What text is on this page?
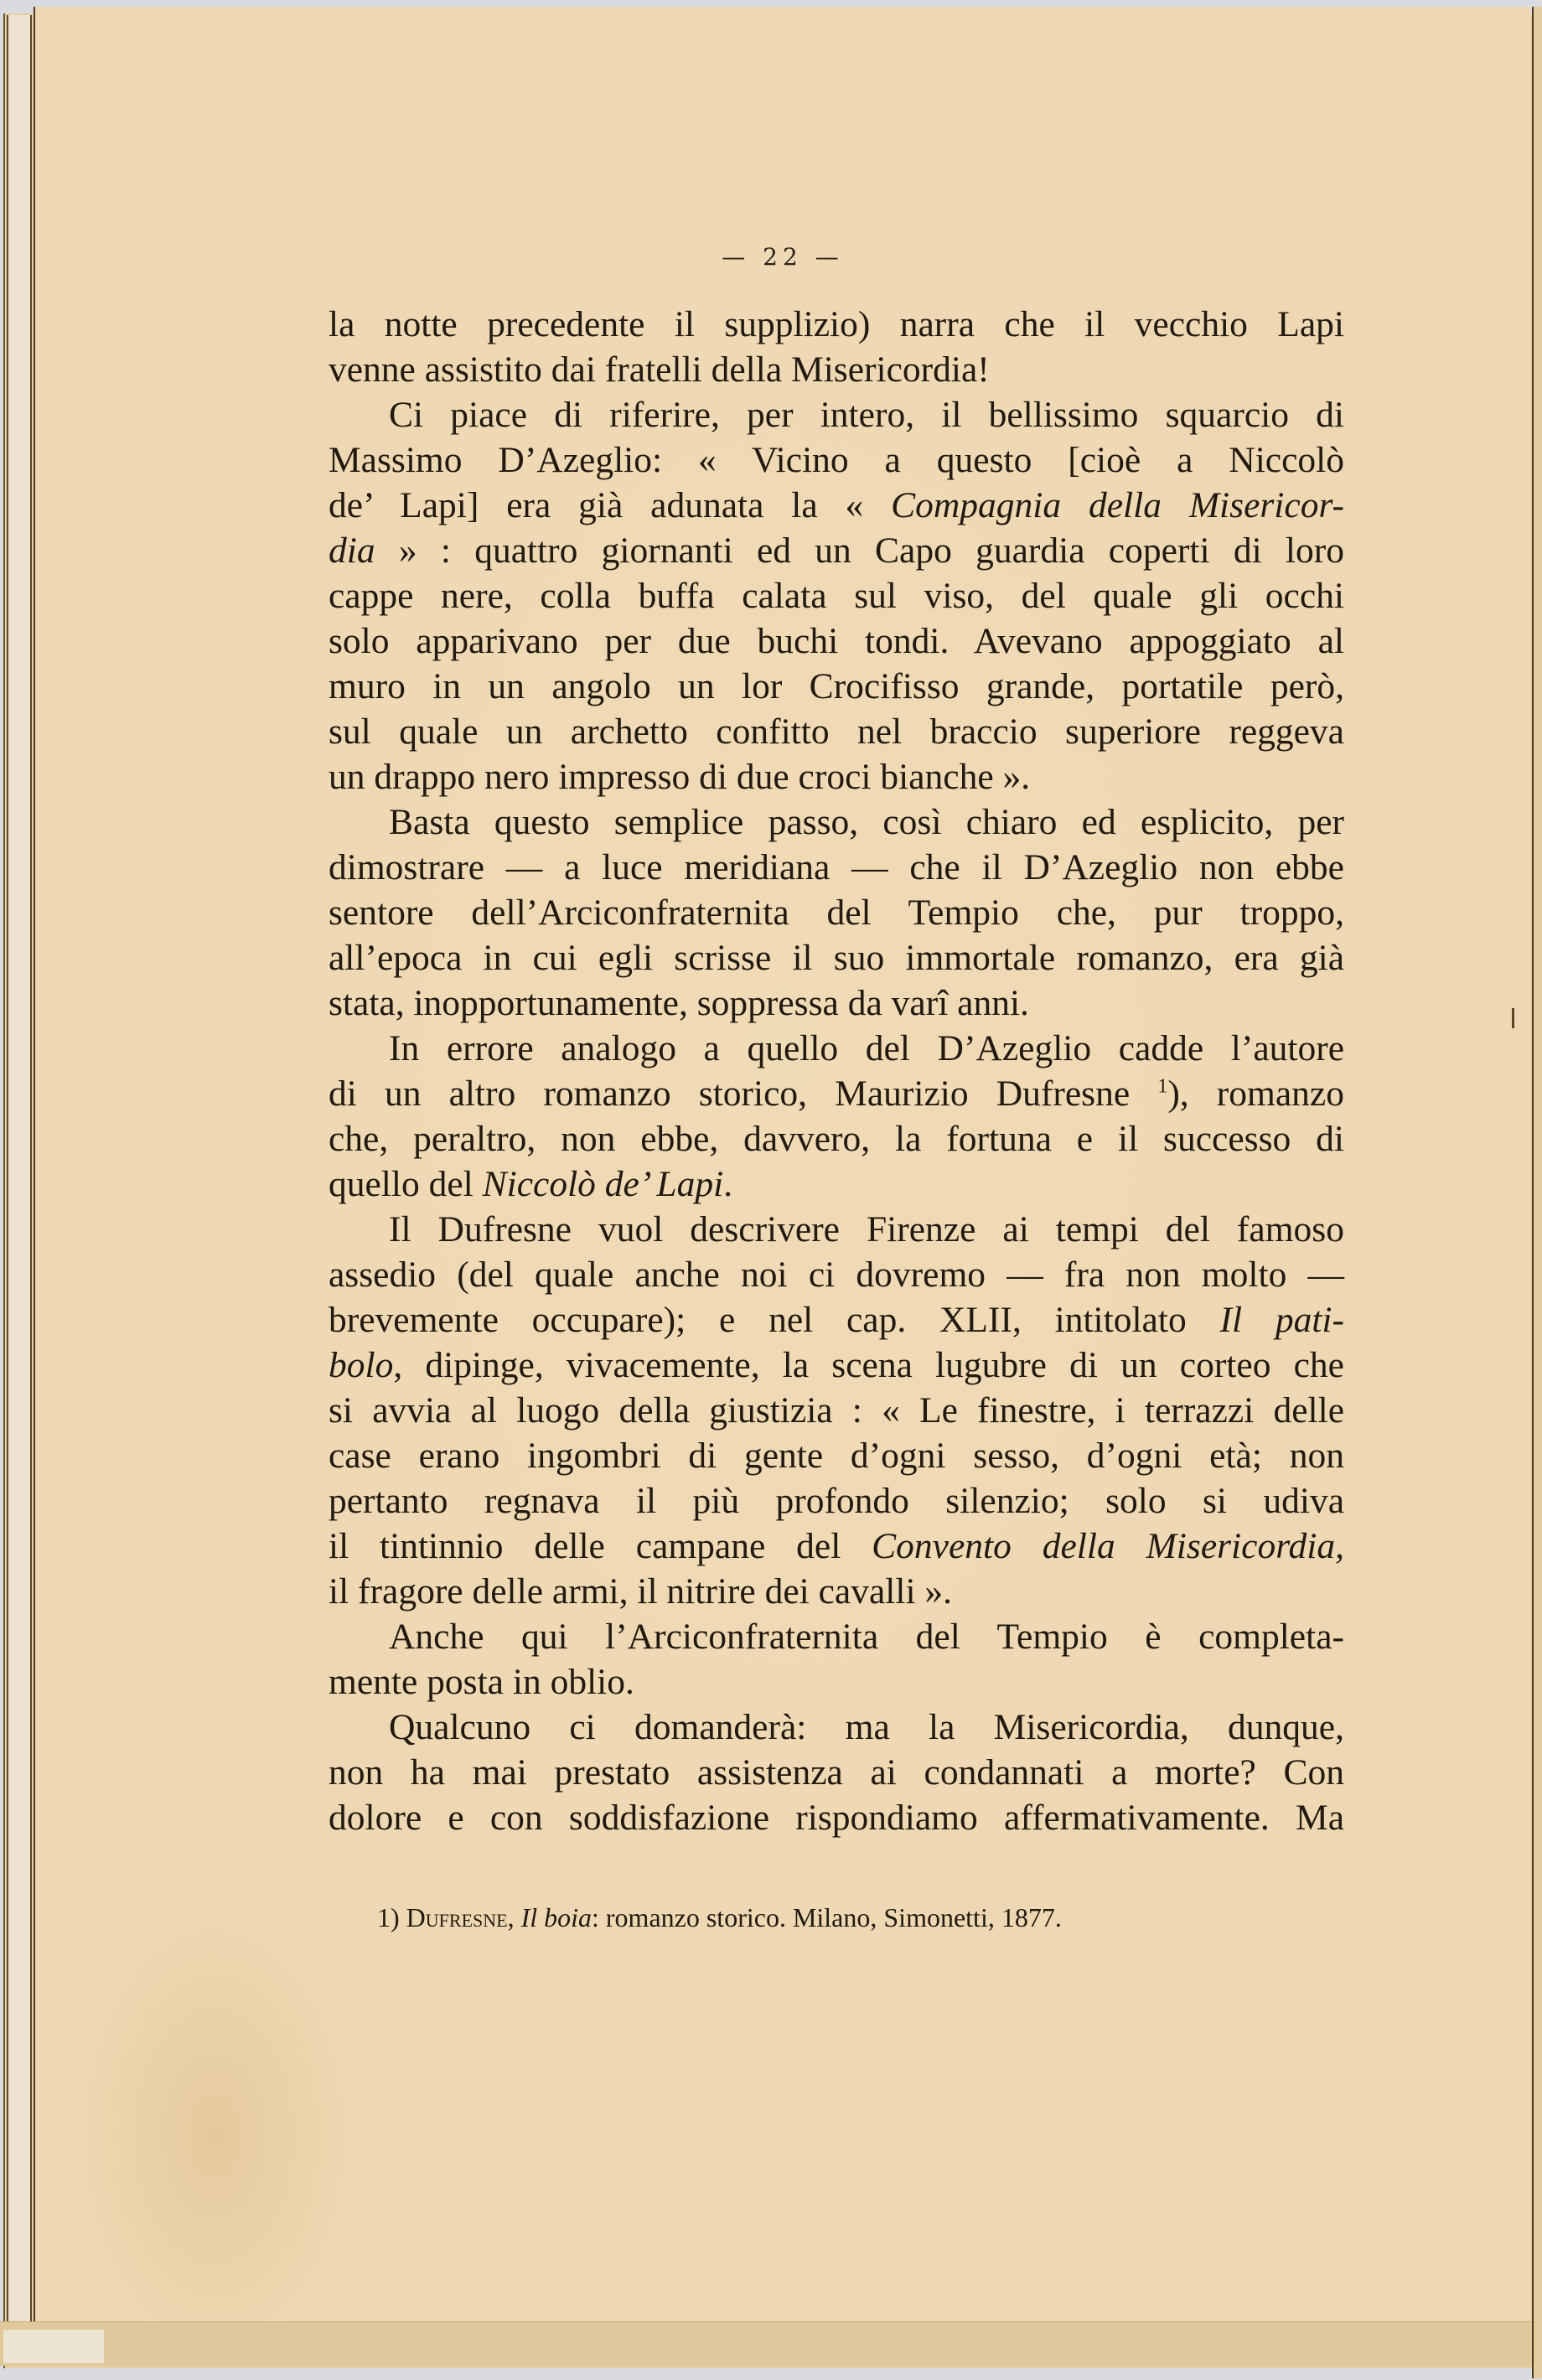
— 22 —
la notte precedente il supplizio) narra che il vecchio Lapi
venne assistito dai fratelli della Misericordia!
Ci piace di riferire, per intero, il bellissimo squarcio di
Massimo D’Azeglio: « Vicino a questo [cioè a Niccolò
de’ Lapi] era già adunata la « Compagnia della Misericor-
dia » : quattro giornanti ed un Capo guardia coperti di loro
cappe nere, colla buffa calata sul viso, del quale gli occhi
solo apparivano per due buchi tondi. Avevano appoggiato al
muro in un angolo un lor Crocifisso grande, portatile però,
sul quale un archetto confitto nel braccio superiore reggeva
un drappo nero impresso di due croci bianche ».
Basta questo semplice passo, così chiaro ed esplicito, per
dimostrare — a luce meridiana — che il D’Azeglio non ebbe
sentore dell’Arciconfraternita del Tempio che, pur troppo,
all’epoca in cui egli scrisse il suo immortale romanzo, era già
stata, inopportunamente, soppressa da varî anni.
In errore analogo a quello del D’Azeglio cadde l’autore
di un altro romanzo storico, Maurizio Dufresne $^1$), romanzo
che, peraltro, non ebbe, davvero, la fortuna e il successo di
quello del Niccolò de’ Lapi.
Il Dufresne vuol descrivere Firenze ai tempi del famoso
assedio (del quale anche noi ci dovremo — fra non molto —
brevemente occupare); e nel cap. XLII, intitolato Il pati-
bolo, dipinge, vivacemente, la scena lugubre di un corteo che
si avvia al luogo della giustizia : « Le finestre, i terrazzi delle
case erano ingombri di gente d’ogni sesso, d’ogni età; non
pertanto regnava il più profondo silenzio; solo si udiva
il tintinnio delle campane del Convento della Misericordia,
il fragore delle armi, il nitrire dei cavalli ».
Anche qui l’Arciconfraternita del Tempio è completa-
mente posta in oblio.
Qualcuno ci domanderà: ma la Misericordia, dunque,
non ha mai prestato assistenza ai condannati a morte? Con
dolore e con soddisfazione rispondiamo affermativamente. Ma
1) Dufresne, Il boia: romanzo storico. Milano, Simonetti, 1877.
